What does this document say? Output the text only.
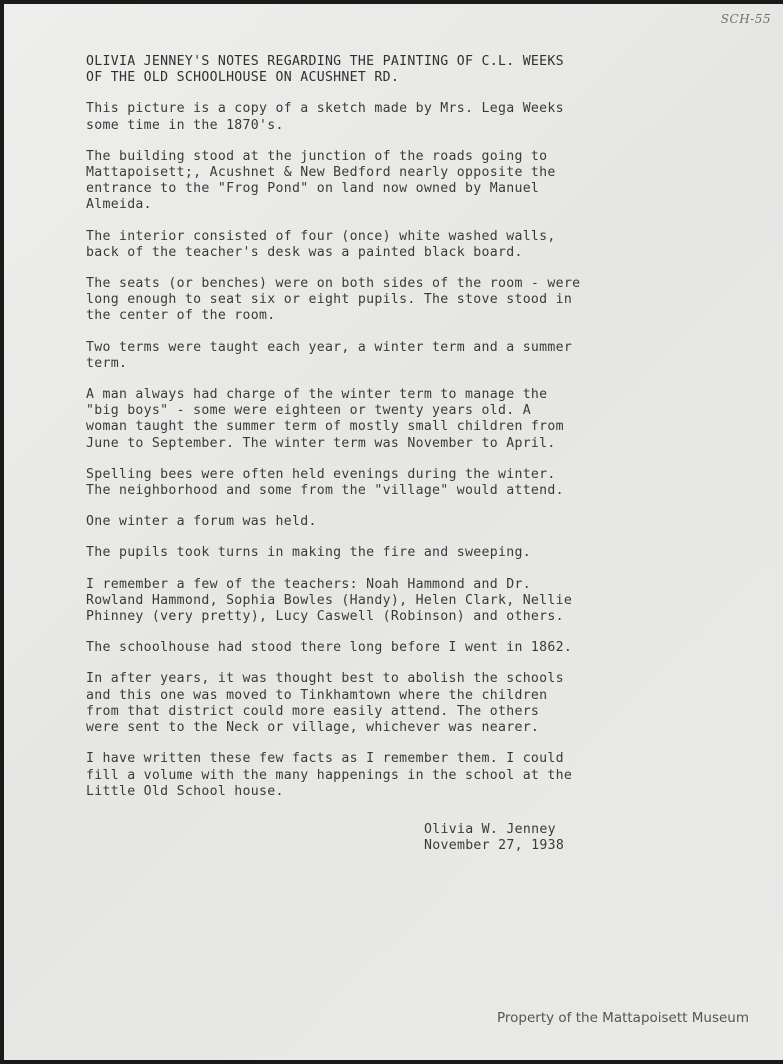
SCH-55

OLIVIA JENNEY'S NOTES REGARDING THE PAINTING OF C.L. WEEKS
OF THE OLD SCHOOLHOUSE ON ACUSHNET RD.

This picture is a copy of a sketch made by Mrs. Lega Weeks
some time in the 1870's.

The building stood at the junction of the roads going to
Mattapoisett;, Acushnet & New Bedford nearly opposite the
entrance to the "Frog Pond" on land now owned by Manuel
Almeida.

The interior consisted of four (once) white washed walls,
back of the teacher's desk was a painted black board.

The seats (or benches) were on both sides of the room - were
long enough to seat six or eight pupils. The stove stood in
the center of the room.

Two terms were taught each year, a winter term and a summer
term.

A man always had charge of the winter term to manage the
"big boys" - some were eighteen or twenty years old. A
woman taught the summer term of mostly small children from
June to September. The winter term was November to April.

Spelling bees were often held evenings during the winter.
The neighborhood and some from the "village" would attend.

One winter a forum was held.

The pupils took turns in making the fire and sweeping.

I remember a few of the teachers: Noah Hammond and Dr.
Rowland Hammond, Sophia Bowles (Handy), Helen Clark, Nellie
Phinney (very pretty), Lucy Caswell (Robinson) and others.

The schoolhouse had stood there long before I went in 1862.

In after years, it was thought best to abolish the schools
and this one was moved to Tinkhamtown where the children
from that district could more easily attend. The others
were sent to the Neck or village, whichever was nearer.

I have written these few facts as I remember them. I could
fill a volume with the many happenings in the school at the
Little Old School house.

Olivia W. Jenney
November 27, 1938
Property of the Mattapoisett Museum
